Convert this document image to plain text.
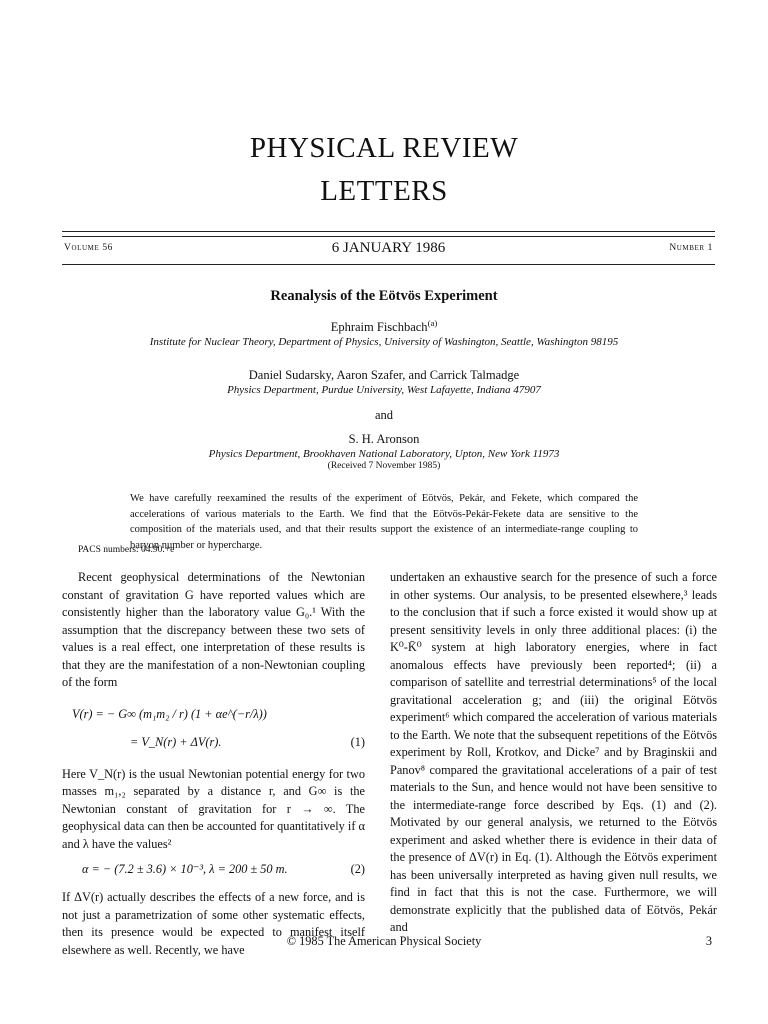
PHYSICAL REVIEW
LETTERS
Volume 56	6 JANUARY 1986	Number 1
Reanalysis of the Eötvös Experiment
Ephraim Fischbach$^{(a)}$
Institute for Nuclear Theory, Department of Physics, University of Washington, Seattle, Washington 98195
Daniel Sudarsky, Aaron Szafer, and Carrick Talmadge
Physics Department, Purdue University, West Lafayette, Indiana 47907
and
S. H. Aronson
Physics Department, Brookhaven National Laboratory, Upton, New York 11973
(Received 7 November 1985)
We have carefully reexamined the results of the experiment of Eötvös, Pekár, and Fekete, which compared the accelerations of various materials to the Earth. We find that the Eötvös-Pekár-Fekete data are sensitive to the composition of the materials used, and that their results support the existence of an intermediate-range coupling to baryon number or hypercharge.
PACS numbers: 04.90.+e

Recent geophysical determinations of the Newtonian constant of gravitation G have reported values which are consistently higher than the laboratory value G₀.¹ With the assumption that the discrepancy between these two sets of values is a real effect, one interpretation of these results is that they are the manifestation of a non-Newtonian coupling of the form

V(r) = − G∞ (m₁m₂ / r) (1 + αe^(−r/λ))
= V_N(r) + ΔV(r).	(1)

Here V_N(r) is the usual Newtonian potential energy for two masses m₁,₂ separated by a distance r, and G∞ is the Newtonian constant of gravitation for r → ∞. The geophysical data can then be accounted for quantitatively if α and λ have the values²

α = − (7.2 ± 3.6) × 10⁻³, λ = 200 ± 50 m.	(2)

If ΔV(r) actually describes the effects of a new force, and is not just a parametrization of some other systematic effects, then its presence would be expected to manifest itself elsewhere as well. Recently, we have

undertaken an exhaustive search for the presence of such a force in other systems. Our analysis, to be presented elsewhere,³ leads to the conclusion that if such a force existed it would show up at present sensitivity levels in only three additional places: (i) the K⁰-K̄⁰ system at high laboratory energies, where in fact anomalous effects have previously been reported⁴; (ii) a comparison of satellite and terrestrial determinations⁵ of the local gravitational acceleration g; and (iii) the original Eötvös experiment⁶ which compared the acceleration of various materials to the Earth. We note that the subsequent repetitions of the Eötvös experiment by Roll, Krotkov, and Dicke⁷ and by Braginskii and Panov⁸ compared the gravitational accelerations of a pair of test materials to the Sun, and hence would not have been sensitive to the intermediate-range force described by Eqs. (1) and (2). Motivated by our general analysis, we returned to the Eötvös experiment and asked whether there is evidence in their data of the presence of ΔV(r) in Eq. (1). Although the Eötvös experiment has been universally interpreted as having given null results, we find in fact that this is not the case. Furthermore, we will demonstrate explicitly that the published data of Eötvös, Pekár and

© 1985 The American Physical Society	3
